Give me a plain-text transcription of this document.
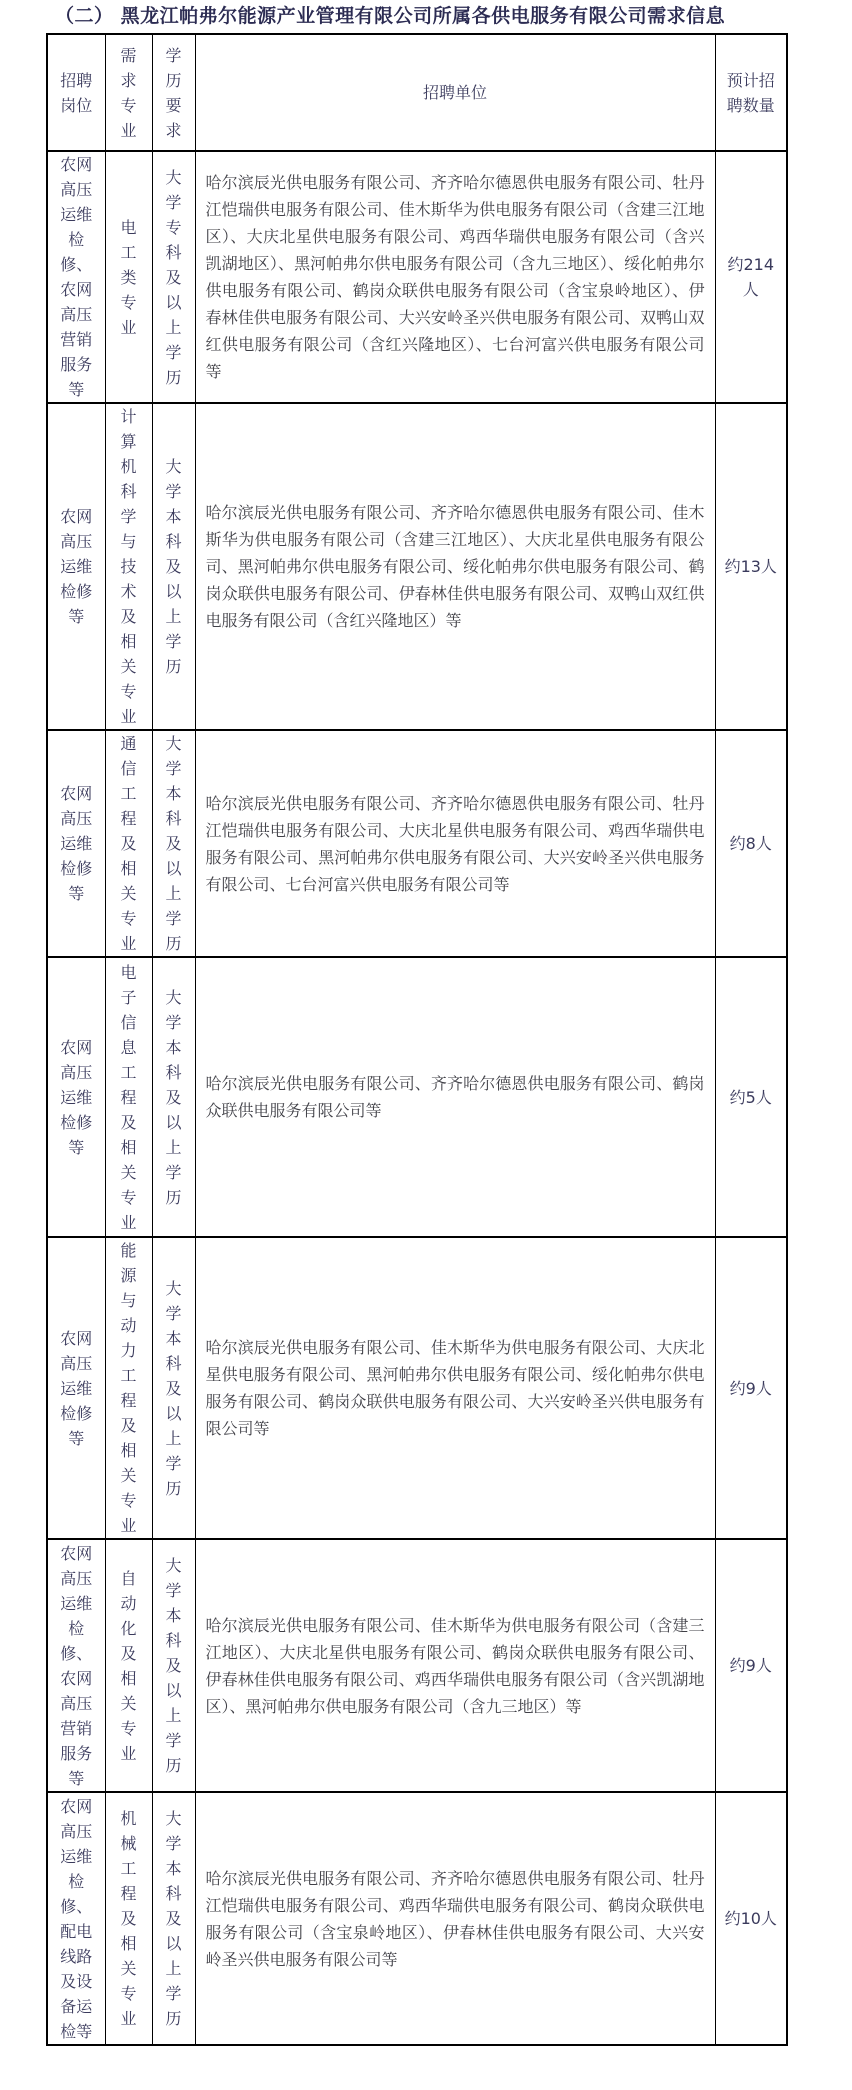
（二） 黑龙江帕弗尔能源产业管理有限公司所属各供电服务有限公司需求信息
招聘岗位	需求专业	学历要求	招聘单位	预计招聘数量

农网高压运维检修、农网高压营销服务等	电工类专业	大学专科及以上学历	哈尔滨辰光供电服务有限公司、齐齐哈尔德恩供电服务有限公司、牡丹江恺瑞供电服务有限公司、佳木斯华为供电服务有限公司（含建三江地区）、大庆北星供电服务有限公司、鸡西华瑞供电服务有限公司（含兴凯湖地区）、黑河帕弗尔供电服务有限公司（含九三地区）、绥化帕弗尔供电服务有限公司、鹤岗众联供电服务有限公司（含宝泉岭地区）、伊春林佳供电服务有限公司、大兴安岭圣兴供电服务有限公司、双鸭山双红供电服务有限公司（含红兴隆地区）、七台河富兴供电服务有限公司等	约214人

农网高压运维检修等	计算机科学与技术及相关专业	大学本科及以上学历	哈尔滨辰光供电服务有限公司、齐齐哈尔德恩供电服务有限公司、佳木斯华为供电服务有限公司（含建三江地区）、大庆北星供电服务有限公司、黑河帕弗尔供电服务有限公司、绥化帕弗尔供电服务有限公司、鹤岗众联供电服务有限公司、伊春林佳供电服务有限公司、双鸭山双红供电服务有限公司（含红兴隆地区）等	约13人

农网高压运维检修等	通信工程及相关专业	大学本科及以上学历	哈尔滨辰光供电服务有限公司、齐齐哈尔德恩供电服务有限公司、牡丹江恺瑞供电服务有限公司、大庆北星供电服务有限公司、鸡西华瑞供电服务有限公司、黑河帕弗尔供电服务有限公司、大兴安岭圣兴供电服务有限公司、七台河富兴供电服务有限公司等	约8人

农网高压运维检修等	电子信息工程及相关专业	大学本科及以上学历	哈尔滨辰光供电服务有限公司、齐齐哈尔德恩供电服务有限公司、鹤岗众联供电服务有限公司等	约5人

农网高压运维检修等	能源与动力工程及相关专业	大学本科及以上学历	哈尔滨辰光供电服务有限公司、佳木斯华为供电服务有限公司、大庆北星供电服务有限公司、黑河帕弗尔供电服务有限公司、绥化帕弗尔供电服务有限公司、鹤岗众联供电服务有限公司、大兴安岭圣兴供电服务有限公司等	约9人

农网高压运维检修、农网高压营销服务等	自动化及相关专业	大学本科及以上学历	哈尔滨辰光供电服务有限公司、佳木斯华为供电服务有限公司（含建三江地区）、大庆北星供电服务有限公司、鹤岗众联供电服务有限公司、伊春林佳供电服务有限公司、鸡西华瑞供电服务有限公司（含兴凯湖地区）、黑河帕弗尔供电服务有限公司（含九三地区）等	约9人

农网高压运维检修、配电线路及设备运检等	机械工程及相关专业	大学本科及以上学历	哈尔滨辰光供电服务有限公司、齐齐哈尔德恩供电服务有限公司、牡丹江恺瑞供电服务有限公司、鸡西华瑞供电服务有限公司、鹤岗众联供电服务有限公司（含宝泉岭地区）、伊春林佳供电服务有限公司、大兴安岭圣兴供电服务有限公司等	约10人
